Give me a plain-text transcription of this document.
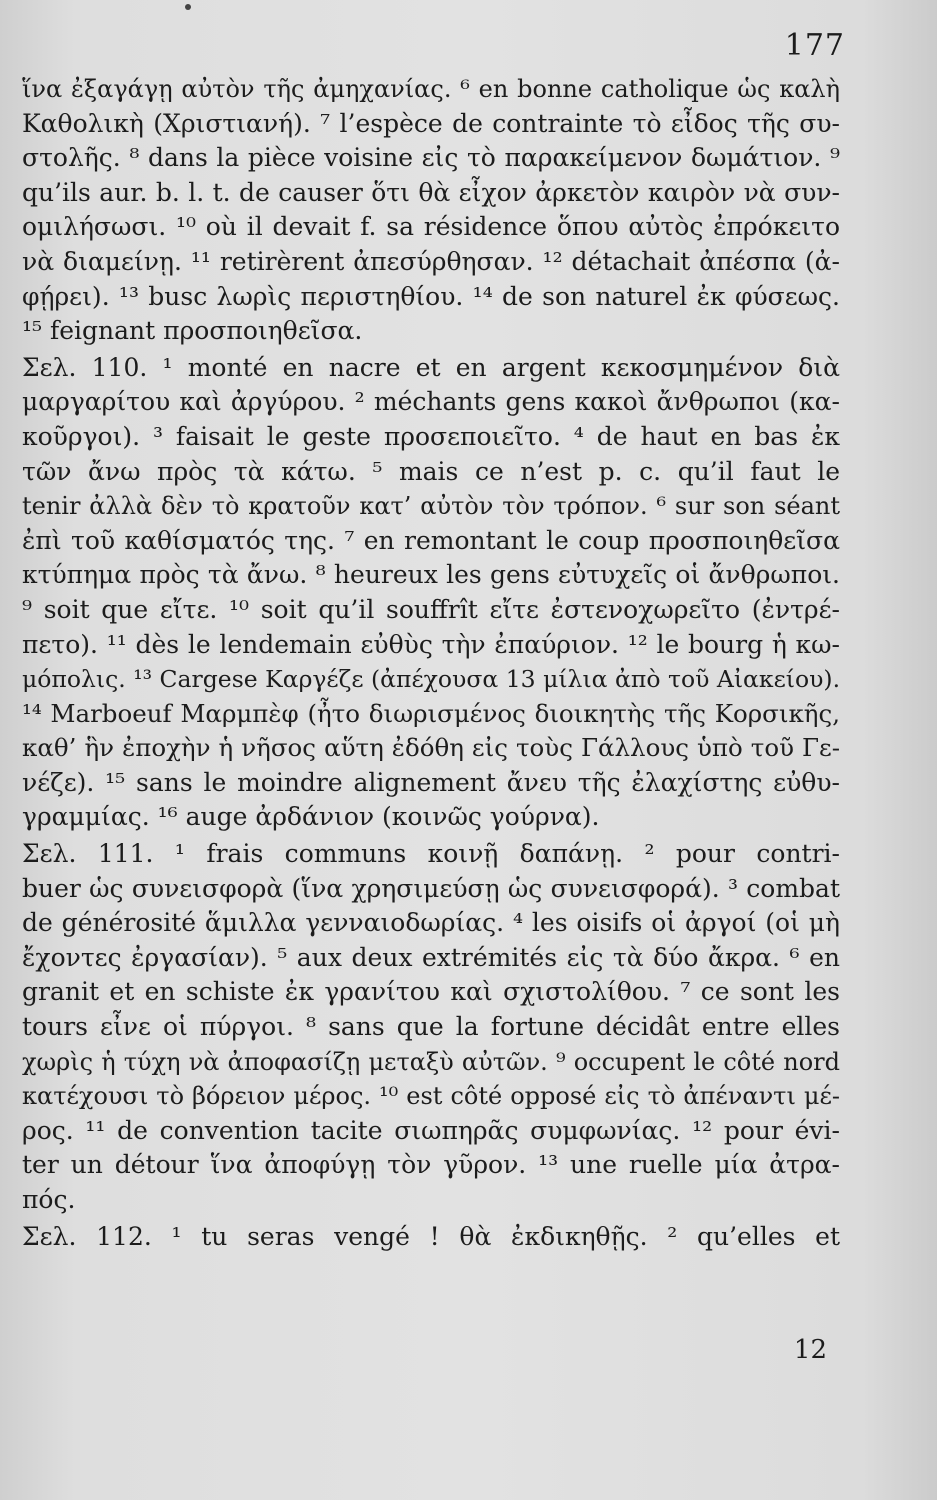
177
ἵνα ἐξαγάγῃ αὐτὸν τῆς ἀμηχανίας. ⁶ en bonne catholique ὡς καλὴ
Καθολικὴ (Χριστιανή). ⁷ l’espèce de contrainte τὸ εἶδος τῆς συ-
στολῆς. ⁸ dans la pièce voisine εἰς τὸ παρακείμενον δωμάτιον. ⁹
qu’ils aur. b. l. t. de causer ὅτι θὰ εἶχον ἀρκετὸν καιρὸν νὰ συν-
ομιλήσωσι. ¹⁰ où il devait f. sa résidence ὅπου αὐτὸς ἐπρόκειτο
νὰ διαμείνῃ. ¹¹ retirèrent ἀπεσύρθησαν. ¹² détachait ἀπέσπα (ἀ-
φῄρει). ¹³ busc λωρὶς περιστηθίου. ¹⁴ de son naturel ἐκ φύσεως.
¹⁵ feignant προσποιηθεῖσα.
Σελ. 110. ¹ monté en nacre et en argent κεκοσμημένον διὰ
μαργαρίτου καὶ ἀργύρου. ² méchants gens κακοὶ ἄνθρωποι (κα-
κοῦργοι). ³ faisait le geste προσεποιεῖτο. ⁴ de haut en bas ἐκ
τῶν ἄνω πρὸς τὰ κάτω. ⁵ mais ce n’est p. c. qu’il faut le
tenir ἀλλὰ δὲν τὸ κρατοῦν κατ’ αὐτὸν τὸν τρόπον. ⁶ sur son séant
ἐπὶ τοῦ καθίσματός της. ⁷ en remontant le coup προσποιηθεῖσα
κτύπημα πρὸς τὰ ἄνω. ⁸ heureux les gens εὐτυχεῖς οἱ ἄνθρωποι.
⁹ soit que εἴτε. ¹⁰ soit qu’il souffrît εἴτε ἐστενοχωρεῖτο (ἐντρέ-
πετο). ¹¹ dès le lendemain εὐθὺς τὴν ἐπαύριον. ¹² le bourg ἡ κω-
μόπολις. ¹³ Cargese Καργέζε (ἀπέχουσα 13 μίλια ἀπὸ τοῦ Αἰακείου).
¹⁴ Marboeuf Μαρμπὲφ (ἦτο διωρισμένος διοικητὴς τῆς Κορσικῆς,
καθ’ ἣν ἐποχὴν ἡ νῆσος αὕτη ἐδόθη εἰς τοὺς Γάλλους ὑπὸ τοῦ Γε-
νέζε). ¹⁵ sans le moindre alignement ἄνευ τῆς ἐλαχίστης εὐθυ-
γραμμίας. ¹⁶ auge ἀρδάνιον (κοινῶς γούρνα).
Σελ. 111. ¹ frais communs κοινῇ δαπάνῃ. ² pour contri-
buer ὡς συνεισφορὰ (ἵνα χρησιμεύσῃ ὡς συνεισφορά). ³ combat
de générosité ἅμιλλα γενναιοδωρίας. ⁴ les oisifs οἱ ἀργοί (οἱ μὴ
ἔχοντες ἐργασίαν). ⁵ aux deux extrémités εἰς τὰ δύο ἄκρα. ⁶ en
granit et en schiste ἐκ γρανίτου καὶ σχιστολίθου. ⁷ ce sont les
tours εἶνε οἱ πύργοι. ⁸ sans que la fortune décidât entre elles
χωρὶς ἡ τύχη νὰ ἀποφασίζῃ μεταξὺ αὐτῶν. ⁹ occupent le côté nord
κατέχουσι τὸ βόρειον μέρος. ¹⁰ est côté opposé εἰς τὸ ἀπέναντι μέ-
ρος. ¹¹ de convention tacite σιωπηρᾶς συμφωνίας. ¹² pour évi-
ter un détour ἵνα ἀποφύγῃ τὸν γῦρον. ¹³ une ruelle μία ἀτρα-
πός.
Σελ. 112. ¹ tu seras vengé ! θὰ ἐκδικηθῇς. ² qu’elles et
12
